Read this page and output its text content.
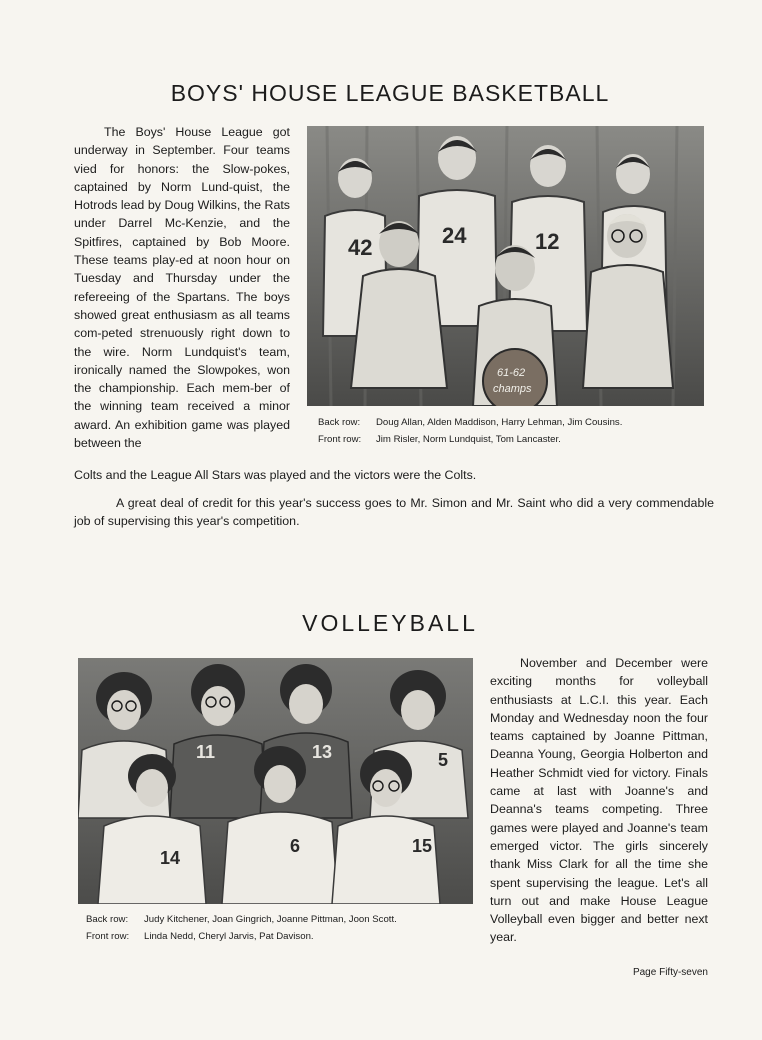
BOYS' HOUSE LEAGUE BASKETBALL
The Boys' House League got underway in September. Four teams vied for honors: the Slow-pokes, captained by Norm Lund-quist, the Hotrods lead by Doug Wilkins, the Rats under Darrel Mc-Kenzie, and the Spitfires, captained by Bob Moore. These teams play-ed at noon hour on Tuesday and Thursday under the refereeing of the Spartans. The boys showed great enthusiasm as all teams com-peted strenuously right down to the wire. Norm Lundquist's team, ironically named the Slowpokes, won the championship. Each mem-ber of the winning team received a minor award. An exhibition game was played between the
42	24	12
61-62
champs
Back row: Doug Allan, Alden Maddison, Harry Lehman, Jim Cousins.
Front row: Jim Risler, Norm Lundquist, Tom Lancaster.
Colts and the League All Stars was played and the victors were the Colts.
A great deal of credit for this year's success goes to Mr. Simon and Mr. Saint who did a very commendable job of supervising this year's competition.
VOLLEYBALL
11	13	5
14
6	15
November and December were exciting months for volleyball enthusiasts at L.C.I. this year. Each Monday and Wednesday noon the four teams captained by Joanne Pittman, Deanna Young, Georgia Holberton and Heather Schmidt vied for victory. Finals came at last with Joanne's and Deanna's teams competing. Three games were played and Joanne's team emerged victor. The girls sincerely thank Miss Clark for all the time she spent supervising the league. Let's all turn out and make House League Volleyball even bigger and better next year.
Back row: Judy Kitchener, Joan Gingrich, Joanne Pittman, Joon Scott.
Front row: Linda Nedd, Cheryl Jarvis, Pat Davison.
Page Fifty-seven
